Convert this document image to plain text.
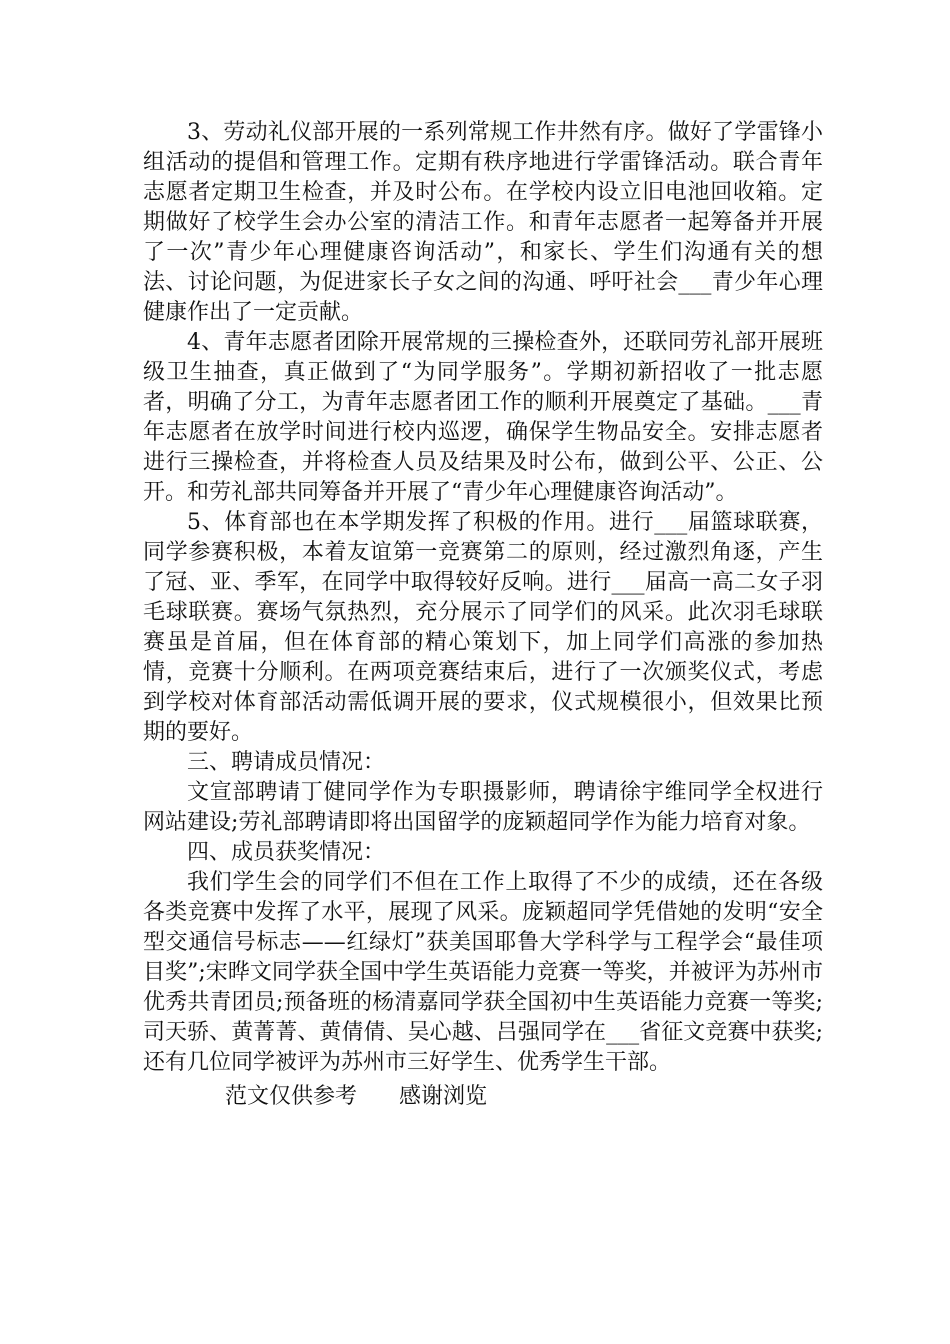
3、劳动礼仪部开展的一系列常规工作井然有序。做好了学雷锋小组活动的提倡和管理工作。定期有秩序地进行学雷锋活动。联合青年志愿者定期卫生检查，并及时公布。在学校内设立旧电池回收箱。定期做好了校学生会办公室的清洁工作。和青年志愿者一起筹备并开展了一次”青少年心理健康咨询活动”，和家长、学生们沟通有关的想法、讨论问题，为促进家长子女之间的沟通、呼吁社会___青少年心理健康作出了一定贡献。

4、青年志愿者团除开展常规的三操检查外，还联同劳礼部开展班级卫生抽查，真正做到了“为同学服务”。学期初新招收了一批志愿者，明确了分工，为青年志愿者团工作的顺利开展奠定了基础。___青年志愿者在放学时间进行校内巡逻，确保学生物品安全。安排志愿者进行三操检查，并将检查人员及结果及时公布，做到公平、公正、公开。和劳礼部共同筹备并开展了“青少年心理健康咨询活动”。

5、体育部也在本学期发挥了积极的作用。进行___届篮球联赛，同学参赛积极，本着友谊第一竞赛第二的原则，经过激烈角逐，产生了冠、亚、季军，在同学中取得较好反响。进行___届高一高二女子羽毛球联赛。赛场气氛热烈，充分展示了同学们的风采。此次羽毛球联赛虽是首届，但在体育部的精心策划下，加上同学们高涨的参加热情，竞赛十分顺利。在两项竞赛结束后，进行了一次颁奖仪式，考虑到学校对体育部活动需低调开展的要求，仪式规模很小，但效果比预期的要好。

三、聘请成员情况：

文宣部聘请丁健同学作为专职摄影师，聘请徐宇维同学全权进行网站建设;劳礼部聘请即将出国留学的庞颖超同学作为能力培育对象。

四、成员获奖情况：

我们学生会的同学们不但在工作上取得了不少的成绩，还在各级各类竞赛中发挥了水平，展现了风采。庞颖超同学凭借她的发明“安全型交通信号标志——红绿灯”获美国耶鲁大学科学与工程学会“最佳项目奖”;宋晔文同学获全国中学生英语能力竞赛一等奖，并被评为苏州市优秀共青团员;预备班的杨清嘉同学获全国初中生英语能力竞赛一等奖;司天骄、黄菁菁、黄倩倩、吴心越、吕强同学在___省征文竞赛中获奖;还有几位同学被评为苏州市三好学生、优秀学生干部。

范文仅供参考      感谢浏览
